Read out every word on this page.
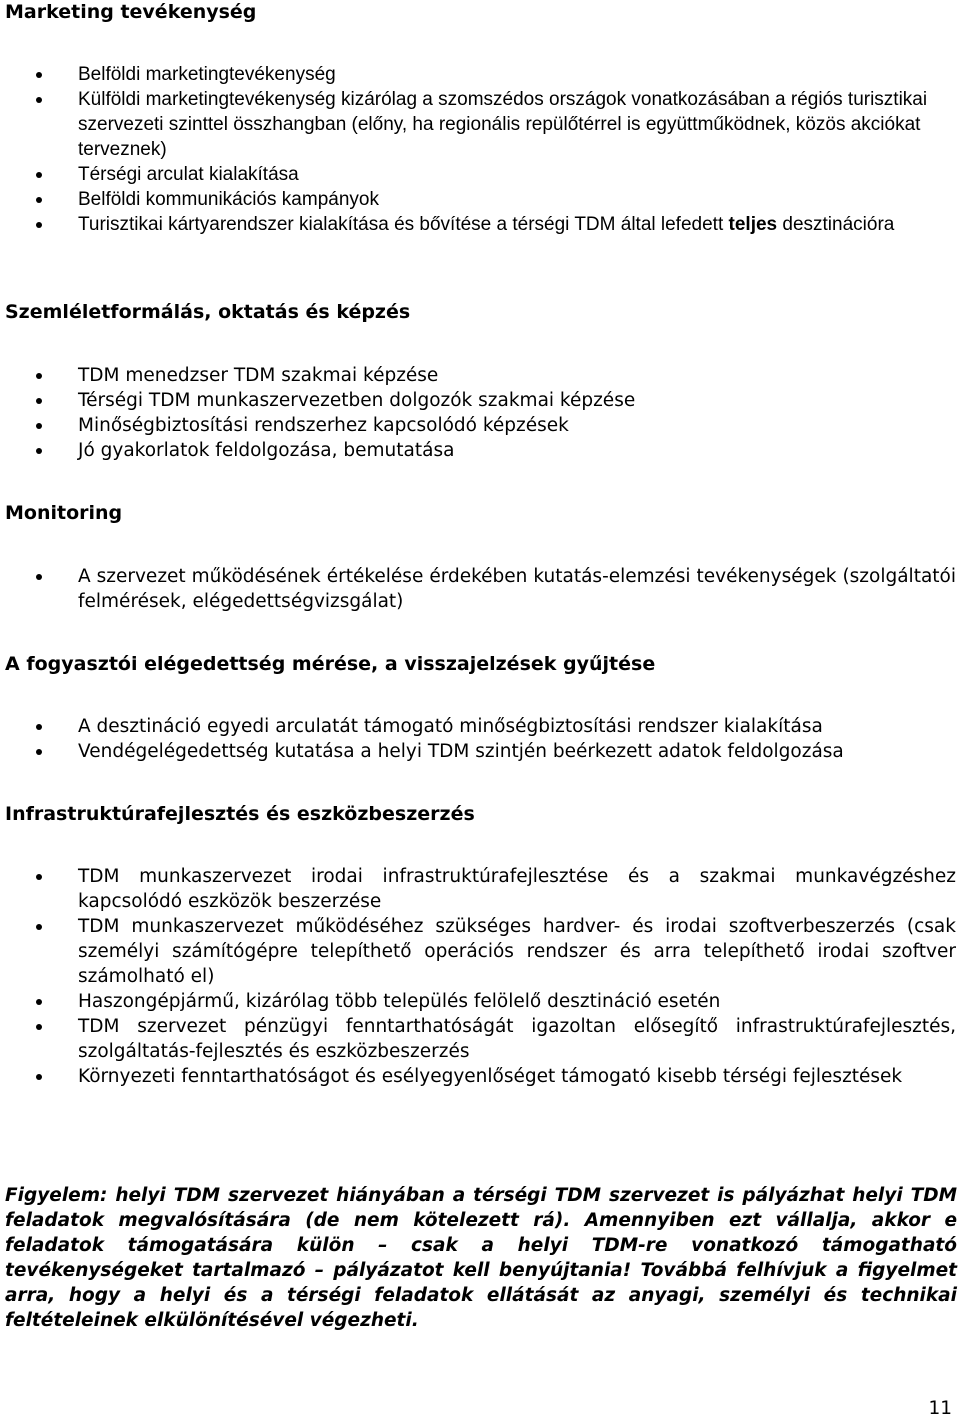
Marketing tevékenység
Belföldi marketingtevékenység
Külföldi marketingtevékenység kizárólag a szomszédos országok vonatkozásában a régiós turisztikai szervezeti szinttel összhangban (előny, ha regionális repülőtérrel is együttműködnek, közös akciókat terveznek)
Térségi arculat kialakítása
Belföldi kommunikációs kampányok
Turisztikai kártyarendszer kialakítása és bővítése a térségi TDM által lefedett teljes desztinációra
Szemléletformálás, oktatás és képzés
TDM menedzser TDM szakmai képzése
Térségi TDM munkaszervezetben dolgozók szakmai képzése
Minőségbiztosítási rendszerhez kapcsolódó képzések
Jó gyakorlatok feldolgozása, bemutatása
Monitoring
A szervezet működésének értékelése érdekében kutatás-elemzési tevékenységek (szolgáltatói felmérések, elégedettségvizsgálat)
A fogyasztói elégedettség mérése, a visszajelzések gyűjtése
A desztináció egyedi arculatát támogató minőségbiztosítási rendszer kialakítása
Vendégelégedettség kutatása a helyi TDM szintjén beérkezett adatok feldolgozása
Infrastruktúrafejlesztés és eszközbeszerzés
TDM munkaszervezet irodai infrastruktúrafejlesztése és a szakmai munkavégzéshez kapcsolódó eszközök beszerzése
TDM munkaszervezet működéséhez szükséges hardver- és irodai szoftverbeszerzés (csak személyi számítógépre telepíthető operációs rendszer és arra telepíthető irodai szoftver számolható el)
Haszongépjármű, kizárólag több település felölelő desztináció esetén
TDM szervezet pénzügyi fenntarthatóságát igazoltan elősegítő infrastruktúrafejlesztés, szolgáltatás-fejlesztés és eszközbeszerzés
Környezeti fenntarthatóságot és esélyegyenlőséget támogató kisebb térségi fejlesztések

Figyelem: helyi TDM szervezet hiányában a térségi TDM szervezet is pályázhat helyi TDM feladatok megvalósítására (de nem kötelezett rá). Amennyiben ezt vállalja, akkor e feladatok támogatására külön – csak a helyi TDM-re vonatkozó támogatható tevékenységeket tartalmazó – pályázatot kell benyújtania! Továbbá felhívjuk a figyelmet arra, hogy a helyi és a térségi feladatok ellátását az anyagi, személyi és technikai feltételeinek elkülönítésével végezheti.

11
